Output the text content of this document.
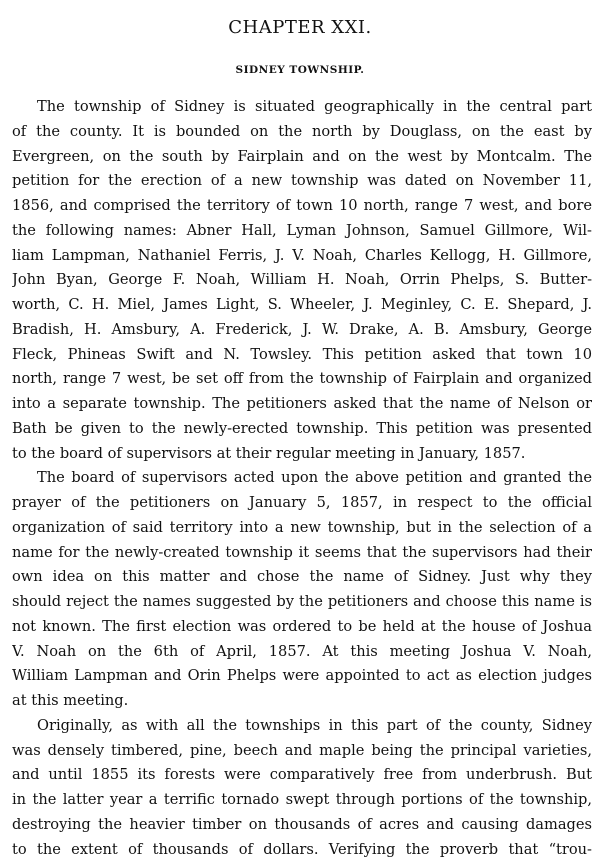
CHAPTER XXI.
SIDNEY TOWNSHIP.
The township of Sidney is situated geographically in the central part
of the county. It is bounded on the north by Douglass, on the east by
Evergreen, on the south by Fairplain and on the west by Montcalm. The
petition for the erection of a new township was dated on November 11,
1856, and comprised the territory of town 10 north, range 7 west, and bore
the following names: Abner Hall, Lyman Johnson, Samuel Gillmore, Wil-
liam Lampman, Nathaniel Ferris, J. V. Noah, Charles Kellogg, H. Gillmore,
John Byan, George F. Noah, William H. Noah, Orrin Phelps, S. Butter-
worth, C. H. Miel, James Light, S. Wheeler, J. Meginley, C. E. Shepard, J.
Bradish, H. Amsbury, A. Frederick, J. W. Drake, A. B. Amsbury, George
Fleck, Phineas Swift and N. Towsley. This petition asked that town 10
north, range 7 west, be set off from the township of Fairplain and organized
into a separate township. The petitioners asked that the name of Nelson or
Bath be given to the newly-erected township. This petition was presented
to the board of supervisors at their regular meeting in January, 1857.
The board of supervisors acted upon the above petition and granted the
prayer of the petitioners on January 5, 1857, in respect to the official
organization of said territory into a new township, but in the selection of a
name for the newly-created township it seems that the supervisors had their
own idea on this matter and chose the name of Sidney. Just why they
should reject the names suggested by the petitioners and choose this name is
not known. The first election was ordered to be held at the house of Joshua
V. Noah on the 6th of April, 1857. At this meeting Joshua V. Noah,
William Lampman and Orin Phelps were appointed to act as election judges
at this meeting.
Originally, as with all the townships in this part of the county, Sidney
was densely timbered, pine, beech and maple being the principal varieties,
and until 1855 its forests were comparatively free from underbrush. But
in the latter year a terrific tornado swept through portions of the township,
destroying the heavier timber on thousands of acres and causing damages
to the extent of thousands of dollars. Verifying the proverb that “trou-
